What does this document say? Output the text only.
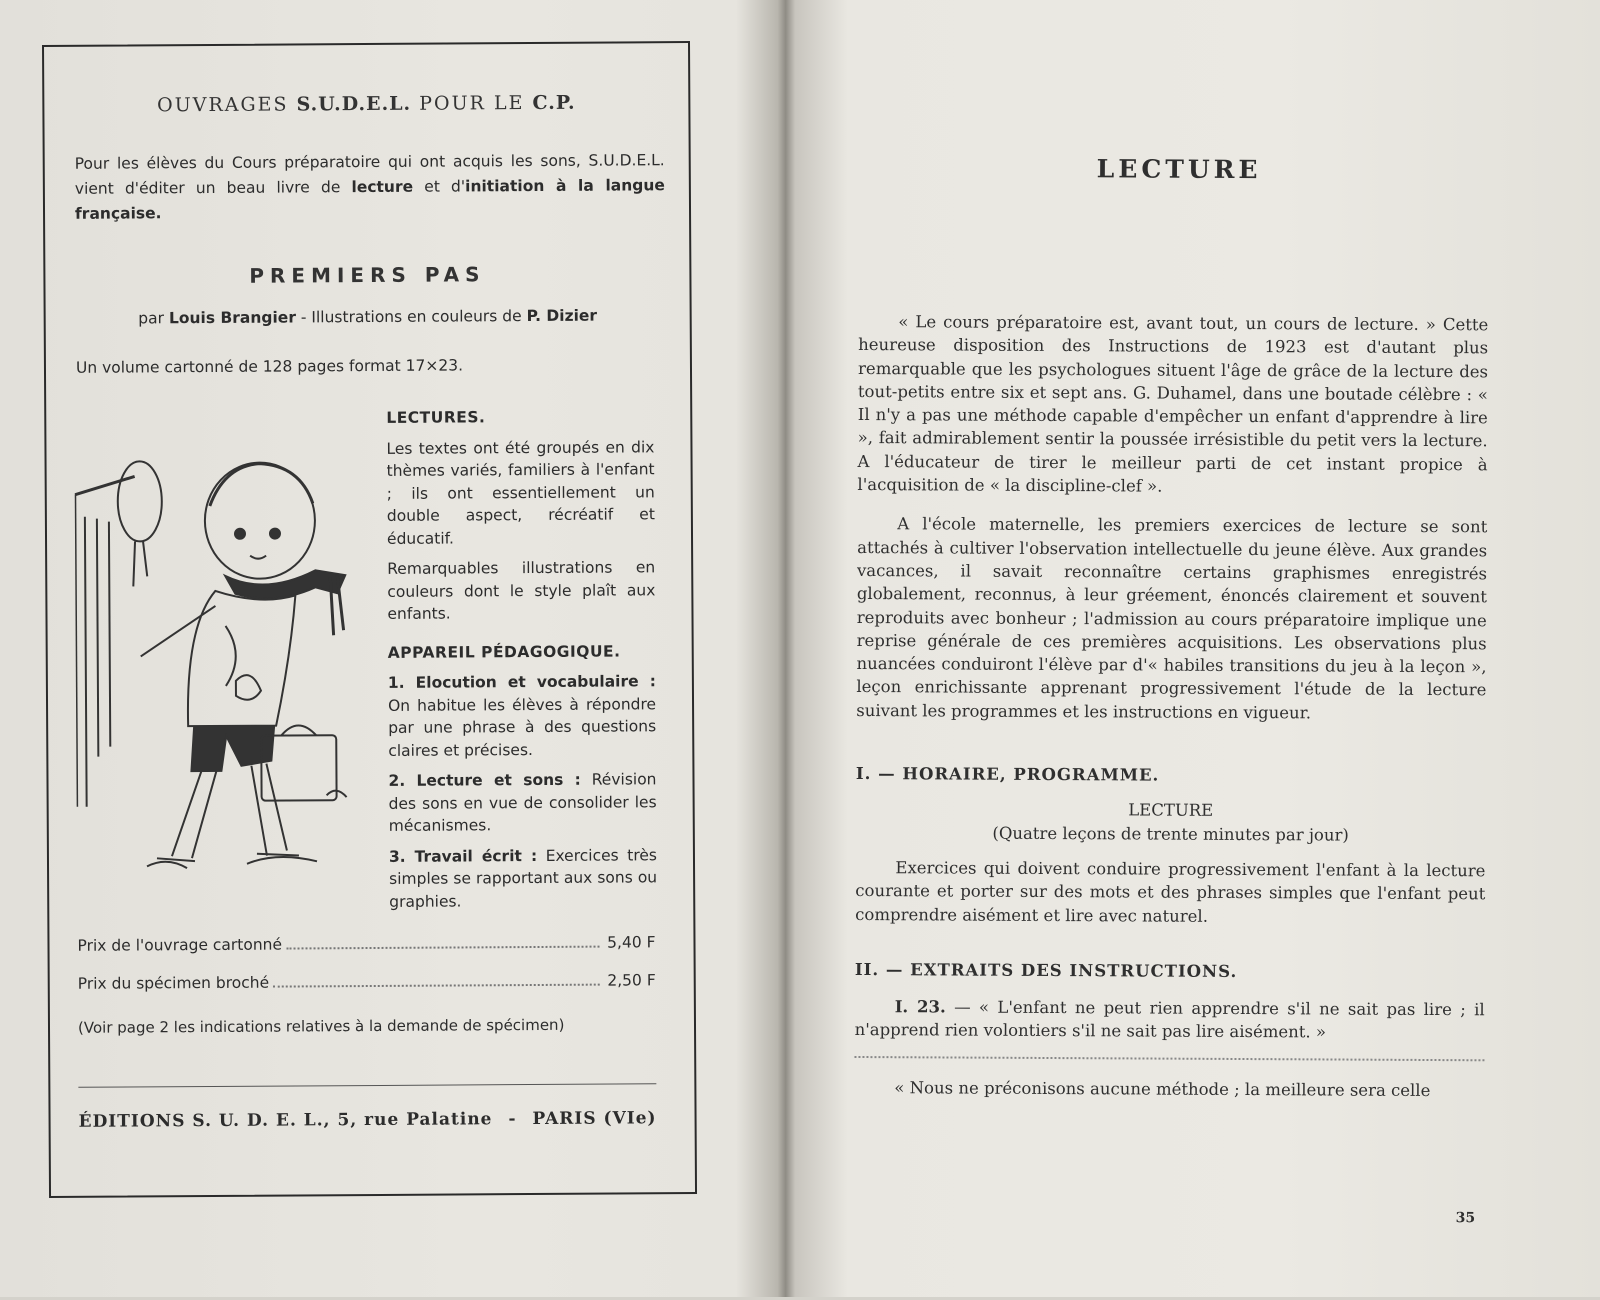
OUVRAGES S.U.D.E.L. POUR LE C.P.
Pour les élèves du Cours préparatoire qui ont acquis les sons, S.U.D.E.L. vient d'éditer un beau livre de lecture et d'initiation à la langue française.
PREMIERS PAS
par Louis Brangier - Illustrations en couleurs de P. Dizier
Un volume cartonné de 128 pages format 17×23.
LECTURES.

Les textes ont été groupés en dix thèmes variés, familiers à l'enfant ; ils ont essentiellement un double aspect, récréatif et éducatif.

Remarquables illustrations en couleurs dont le style plaît aux enfants.

APPAREIL PÉDAGOGIQUE.

1. Elocution et vocabulaire : On habitue les élèves à répondre par une phrase à des questions claires et précises.

2. Lecture et sons : Révision des sons en vue de consolider les mécanismes.

3. Travail écrit : Exercices très simples se rapportant aux sons ou graphies.

Prix de l'ouvrage cartonné	5,40 F
Prix du spécimen broché	2,50 F
(Voir page 2 les indications relatives à la demande de spécimen)
ÉDITIONS S. U. D. E. L., 5, rue Palatine - PARIS (VIe)
LECTURE

« Le cours préparatoire est, avant tout, un cours de lecture. » Cette heureuse disposition des Instructions de 1923 est d'autant plus remarquable que les psychologues situent l'âge de grâce de la lecture des tout-petits entre six et sept ans. G. Duhamel, dans une boutade célèbre : « Il n'y a pas une méthode capable d'empêcher un enfant d'apprendre à lire », fait admirablement sentir la poussée irrésistible du petit vers la lecture. A l'éducateur de tirer le meilleur parti de cet instant propice à l'acquisition de « la discipline-clef ».

A l'école maternelle, les premiers exercices de lecture se sont attachés à cultiver l'observation intellectuelle du jeune élève. Aux grandes vacances, il savait reconnaître certains graphismes enregistrés globalement, reconnus, à leur gréement, énoncés clairement et souvent reproduits avec bonheur ; l'admission au cours préparatoire implique une reprise générale de ces premières acquisitions. Les observations plus nuancées conduiront l'élève par d'« habiles transitions du jeu à la leçon », leçon enrichissante apprenant progressivement l'étude de la lecture suivant les programmes et les instructions en vigueur.

I. — HORAIRE, PROGRAMME.
LECTURE
(Quatre leçons de trente minutes par jour)

Exercices qui doivent conduire progressivement l'enfant à la lecture courante et porter sur des mots et des phrases simples que l'enfant peut comprendre aisément et lire avec naturel.

II. — EXTRAITS DES INSTRUCTIONS.

I. 23. — « L'enfant ne peut rien apprendre s'il ne sait pas lire ; il n'apprend rien volontiers s'il ne sait pas lire aisément. »

« Nous ne préconisons aucune méthode ; la meilleure sera celle

35
